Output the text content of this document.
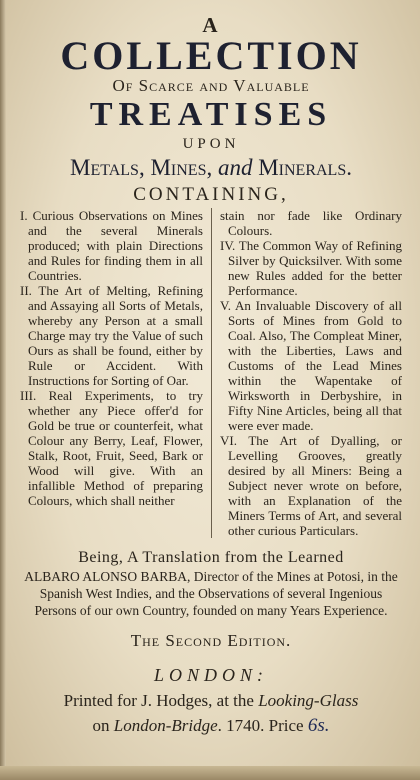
A
COLLECTION
Of Scarce and Valuable
TREATISES
UPON
Metals, Mines, and Minerals.
CONTAINING,

I. Curious Observations on Mines and the several Minerals produced; with plain Directions and Rules for finding them in all Countries.

II. The Art of Melting, Refining and Assaying all Sorts of Metals, whereby any Person at a small Charge may try the Value of such Ours as shall be found, either by Rule or Accident. With Instructions for Sorting of Oar.

III. Real Experiments, to try whether any Piece offer'd for Gold be true or counterfeit, what Colour any Berry, Leaf, Flower, Stalk, Root, Fruit, Seed, Bark or Wood will give. With an infallible Method of preparing Colours, which shall neither

stain nor fade like Ordinary Colours.

IV. The Common Way of Refining Silver by Quicksilver. With some new Rules added for the better Performance.

V. An Invaluable Discovery of all Sorts of Mines from Gold to Coal. Also, The Compleat Miner, with the Liberties, Laws and Customs of the Lead Mines within the Wapentake of Wirksworth in Derbyshire, in Fifty Nine Articles, being all that were ever made.

VI. The Art of Dyalling, or Levelling Grooves, greatly desired by all Miners: Being a Subject never wrote on before, with an Explanation of the Miners Terms of Art, and several other curious Particulars.

Being, A Translation from the Learned
ALBARO ALONSO BARBA, Director of the Mines at Potosi, in the Spanish West Indies, and the Observations of several Ingenious Persons of our own Country, founded on many Years Experience.
The Second Edition.
LONDON:
Printed for J. Hodges, at the Looking-Glass
on London-Bridge. 1740. Price 6s.
